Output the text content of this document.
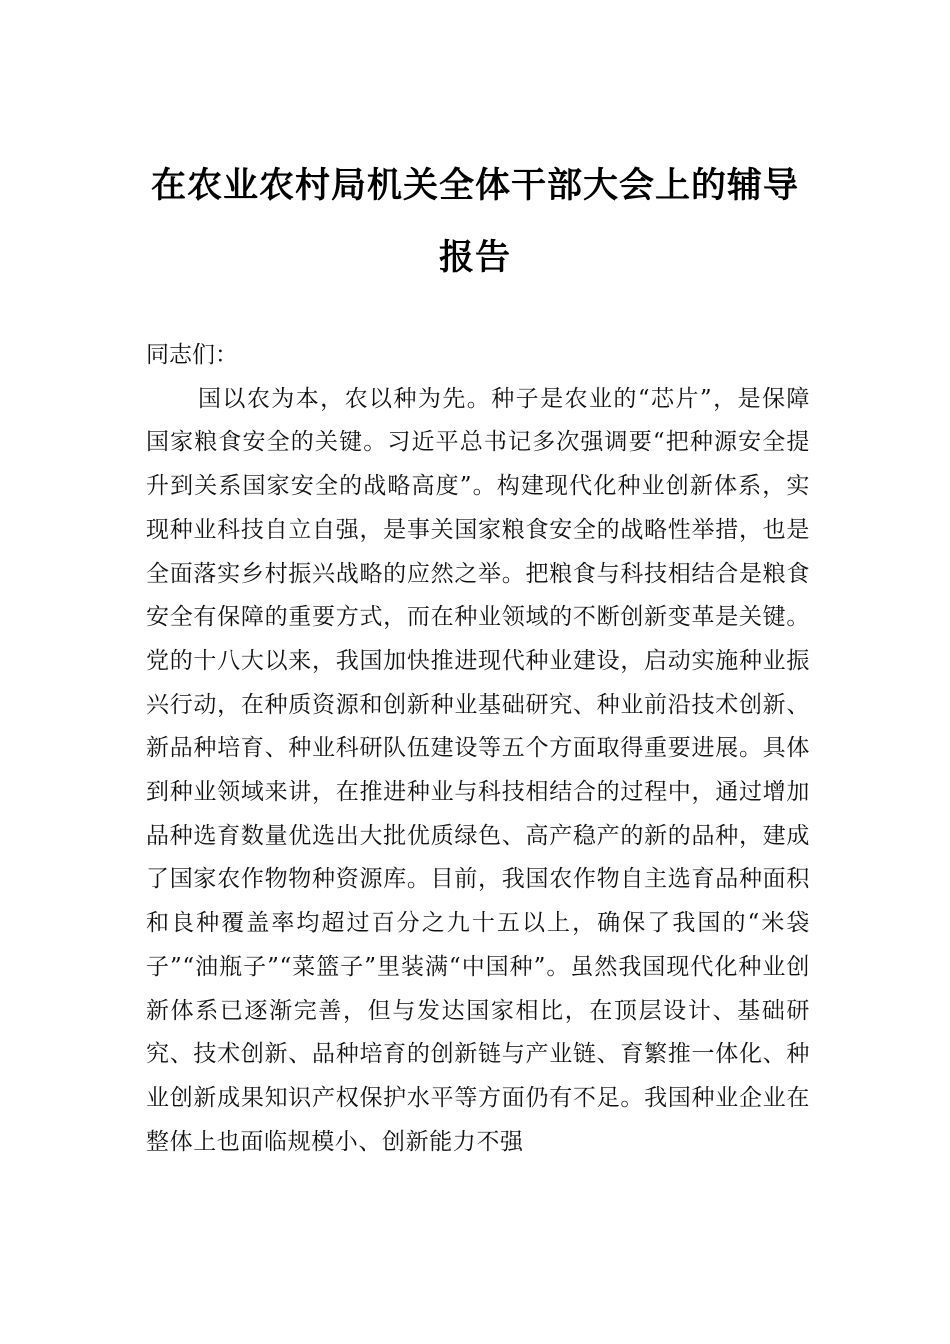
在农业农村局机关全体干部大会上的辅导报告

同志们：

国以农为本，农以种为先。种子是农业的“芯片”，是保障国家粮食安全的关键。习近平总书记多次强调要“把种源安全提升到关系国家安全的战略高度”。构建现代化种业创新体系，实现种业科技自立自强，是事关国家粮食安全的战略性举措，也是全面落实乡村振兴战略的应然之举。把粮食与科技相结合是粮食安全有保障的重要方式，而在种业领域的不断创新变革是关键。党的十八大以来，我国加快推进现代种业建设，启动实施种业振兴行动，在种质资源和创新种业基础研究、种业前沿技术创新、新品种培育、种业科研队伍建设等五个方面取得重要进展。具体到种业领域来讲，在推进种业与科技相结合的过程中，通过增加品种选育数量优选出大批优质绿色、高产稳产的新的品种，建成了国家农作物物种资源库。目前，我国农作物自主选育品种面积和良种覆盖率均超过百分之九十五以上，确保了我国的“米袋子”“油瓶子”“菜篮子”里装满“中国种”。虽然我国现代化种业创新体系已逐渐完善，但与发达国家相比，在顶层设计、基础研究、技术创新、品种培育的创新链与产业链、育繁推一体化、种业创新成果知识产权保护水平等方面仍有不足。我国种业企业在整体上也面临规模小、创新能力不强
